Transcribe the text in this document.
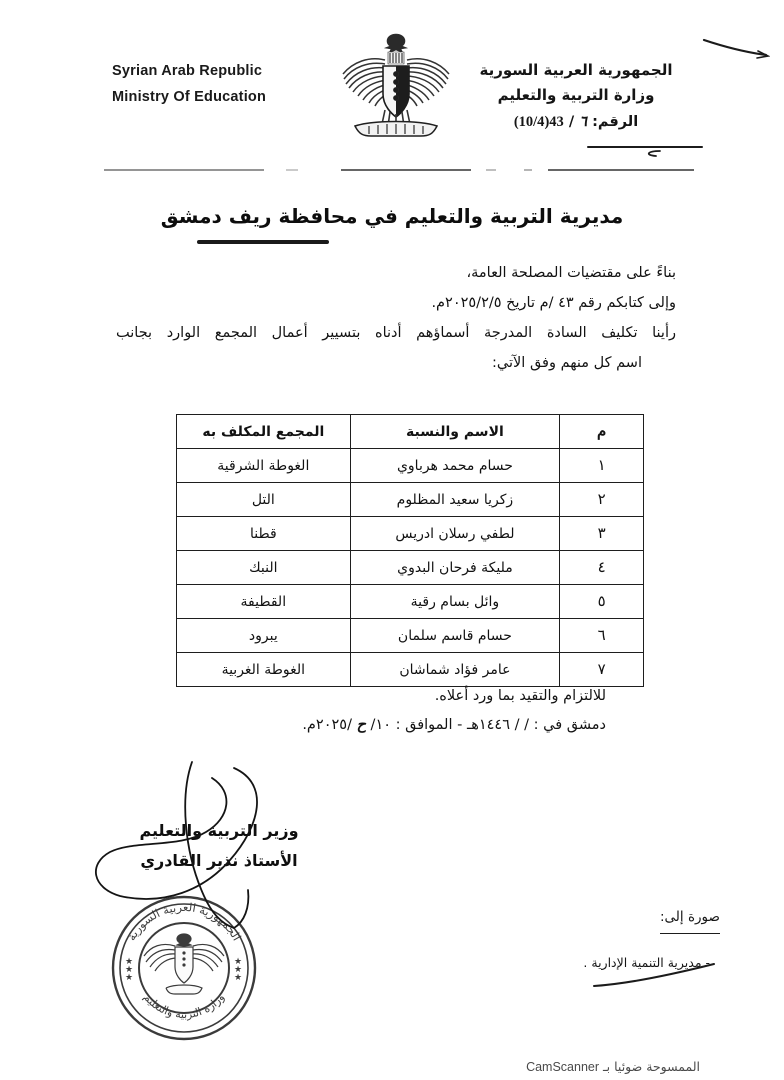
Syrian Arab Republic
Ministry Of Education
الجمهورية العربية السورية
وزارة التربية والتعليم
الرقم: ٦ / 43(10/4)
مديرية التربية والتعليم في محافظة ريف دمشق
بناءً على مقتضيات المصلحة العامة،
وإلى كتابكم رقم ٤٣ /م تاريخ ٢٠٢٥/٢/٥م.
رأينا تكليف السادة المدرجة أسماؤهم أدناه بتسيير أعمال المجمع الوارد بجانب
اسم كل منهم وفق الآتي:
م	الاسم والنسبة	المجمع المكلف به
١	حسام محمد هرباوي	الغوطة الشرقية
٢	زكريا سعيد المظلوم	التل
٣	لطفي رسلان ادريس	قطنا
٤	مليكة فرحان البدوي	النبك
٥	وائل بسام رقية	القطيفة
٦	حسام قاسم سلمان	يبرود
٧	عامر فؤاد شماشان	الغوطة الغربية
للالتزام والتقيد بما ورد أعلاه.
دمشق في : / / ١٤٤٦هـ - الموافق : ١٠/ ح /٢٠٢٥م.
وزير التربية والتعليم
الأستاذ نذير القادري
الجمهورية العربية السورية
وزارة التربية والتعليم
★
★
★
★
★
★
صورة إلى:
- مديرية التنمية الإدارية .
الممسوحة ضوئيا بـ CamScanner
